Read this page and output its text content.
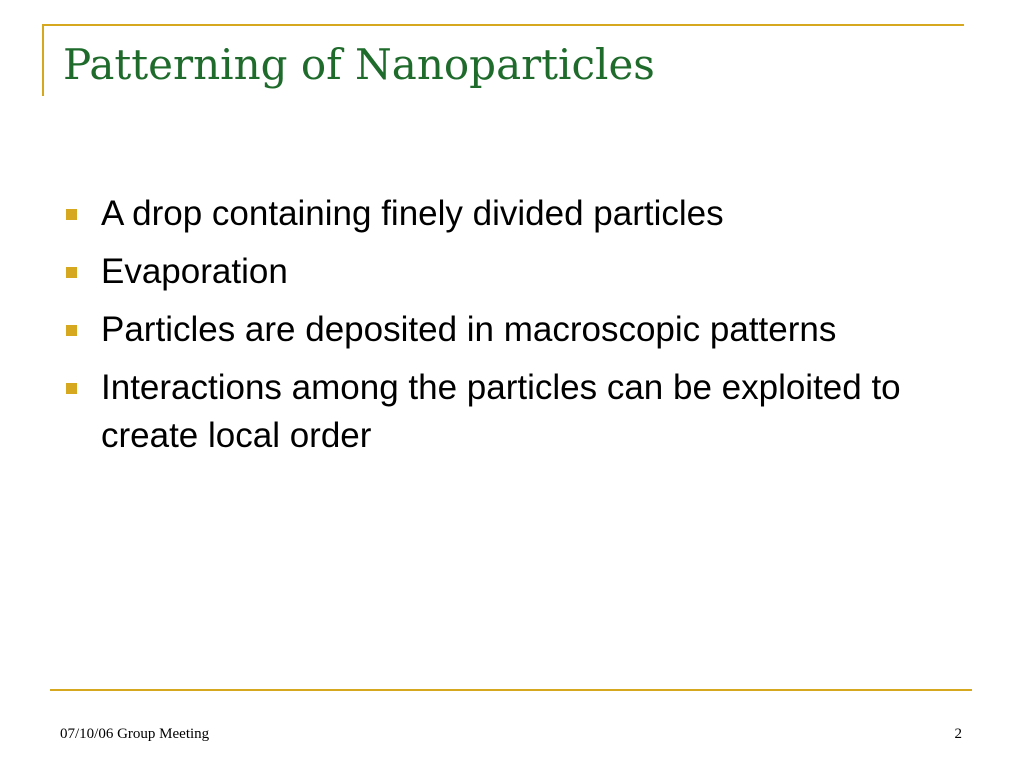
Patterning of Nanoparticles
A drop containing finely divided particles
Evaporation
Particles are deposited in macroscopic patterns
Interactions among the particles can be exploited to create local order
07/10/06 Group Meeting	2
